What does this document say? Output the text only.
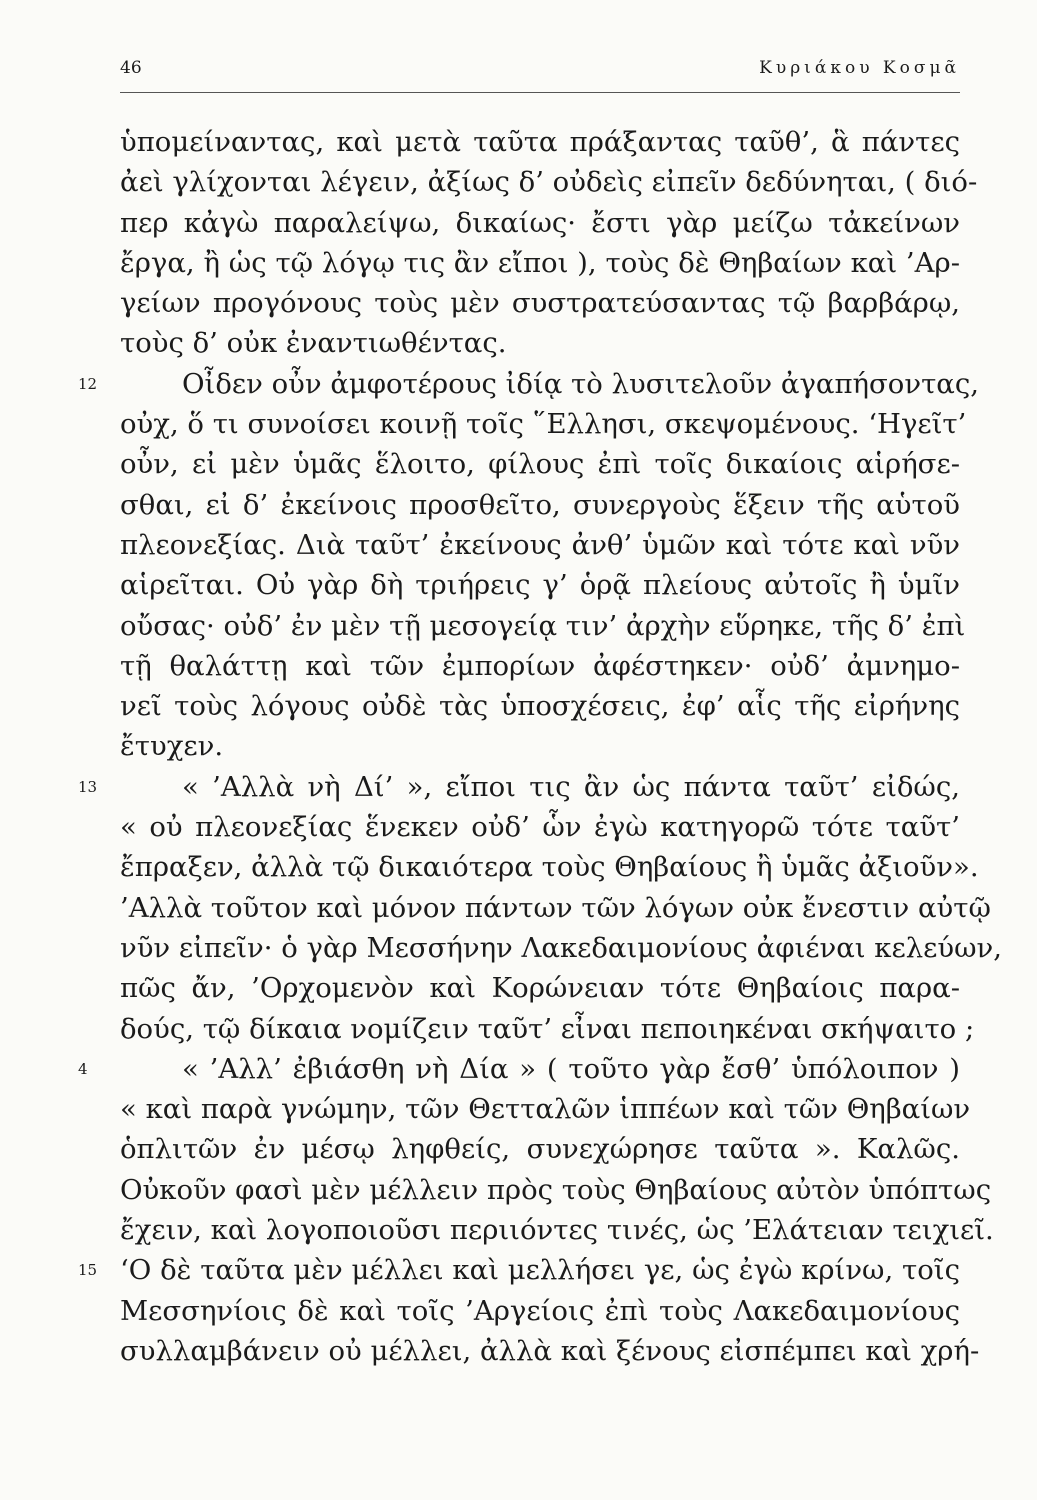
46	Κυριάκου Κοσμᾶ
ὑπομείναντας, καὶ μετὰ ταῦτα πράξαντας ταῦθ’, ἃ πάντες
ἀεὶ γλίχονται λέγειν, ἀξίως δ’ οὐδεὶς εἰπεῖν δεδύνηται, ( διό-
περ κἀγὼ παραλείψω, δικαίως· ἔστι γὰρ μείζω τἀκείνων
ἔργα, ἢ ὡς τῷ λόγῳ τις ἂν εἴποι ), τοὺς δὲ Θηβαίων καὶ ’Αρ-
γείων προγόνους τοὺς μὲν συστρατεύσαντας τῷ βαρβάρῳ,
τοὺς δ’ οὐκ ἐναντιωθέντας.
12	Οἶδεν οὖν ἀμφοτέρους ἰδίᾳ τὸ λυσιτελοῦν ἀγαπήσοντας,
οὐχ, ὅ τι συνοίσει κοινῇ τοῖς ῞Ελλησι, σκεψομένους. ‘Ηγεῖτ’
οὖν, εἰ μὲν ὑμᾶς ἕλοιτο, φίλους ἐπὶ τοῖς δικαίοις αἱρήσε-
σθαι, εἰ δ’ ἐκείνοις προσθεῖτο, συνεργοὺς ἕξειν τῆς αὑτοῦ
πλεονεξίας. Διὰ ταῦτ’ ἐκείνους ἀνθ’ ὑμῶν καὶ τότε καὶ νῦν
αἱρεῖται. Οὐ γὰρ δὴ τριήρεις γ’ ὁρᾷ πλείους αὐτοῖς ἢ ὑμῖν
οὔσας· οὐδ’ ἐν μὲν τῇ μεσογείᾳ τιν’ ἀρχὴν εὕρηκε, τῆς δ’ ἐπὶ
τῇ θαλάττῃ καὶ τῶν ἐμπορίων ἀφέστηκεν· οὐδ’ ἀμνημο-
νεῖ τοὺς λόγους οὐδὲ τὰς ὑποσχέσεις, ἐφ’ αἷς τῆς εἰρήνης
ἔτυχεν.
13	« ’Αλλὰ νὴ Δί’ », εἴποι τις ἂν ὡς πάντα ταῦτ’ εἰδώς,
« οὐ πλεονεξίας ἕνεκεν οὐδ’ ὧν ἐγὼ κατηγορῶ τότε ταῦτ’
ἔπραξεν, ἀλλὰ τῷ δικαιότερα τοὺς Θηβαίους ἢ ὑμᾶς ἀξιοῦν».
’Αλλὰ τοῦτον καὶ μόνον πάντων τῶν λόγων οὐκ ἔνεστιν αὐτῷ
νῦν εἰπεῖν· ὁ γὰρ Μεσσήνην Λακεδαιμονίους ἀφιέναι κελεύων,
πῶς ἄν, ’Ορχομενὸν καὶ Κορώνειαν τότε Θηβαίοις παρα-
δούς, τῷ δίκαια νομίζειν ταῦτ’ εἶναι πεποιηκέναι σκήψαιτο ;
4	« ’Αλλ’ ἐβιάσθη νὴ Δία » ( τοῦτο γὰρ ἔσθ’ ὑπόλοιπον )
« καὶ παρὰ γνώμην, τῶν Θετταλῶν ἱππέων καὶ τῶν Θηβαίων
ὁπλιτῶν ἐν μέσῳ ληφθείς, συνεχώρησε ταῦτα ». Καλῶς.
Οὐκοῦν φασὶ μὲν μέλλειν πρὸς τοὺς Θηβαίους αὐτὸν ὑπόπτως
ἔχειν, καὶ λογοποιοῦσι περιιόντες τινές, ὡς ’Ελάτειαν τειχιεῖ.
15 ‘Ο δὲ ταῦτα μὲν μέλλει καὶ μελλήσει γε, ὡς ἐγὼ κρίνω, τοῖς
Μεσσηνίοις δὲ καὶ τοῖς ’Αργείοις ἐπὶ τοὺς Λακεδαιμονίους
συλλαμβάνειν οὐ μέλλει, ἀλλὰ καὶ ξένους εἰσπέμπει καὶ χρή-
